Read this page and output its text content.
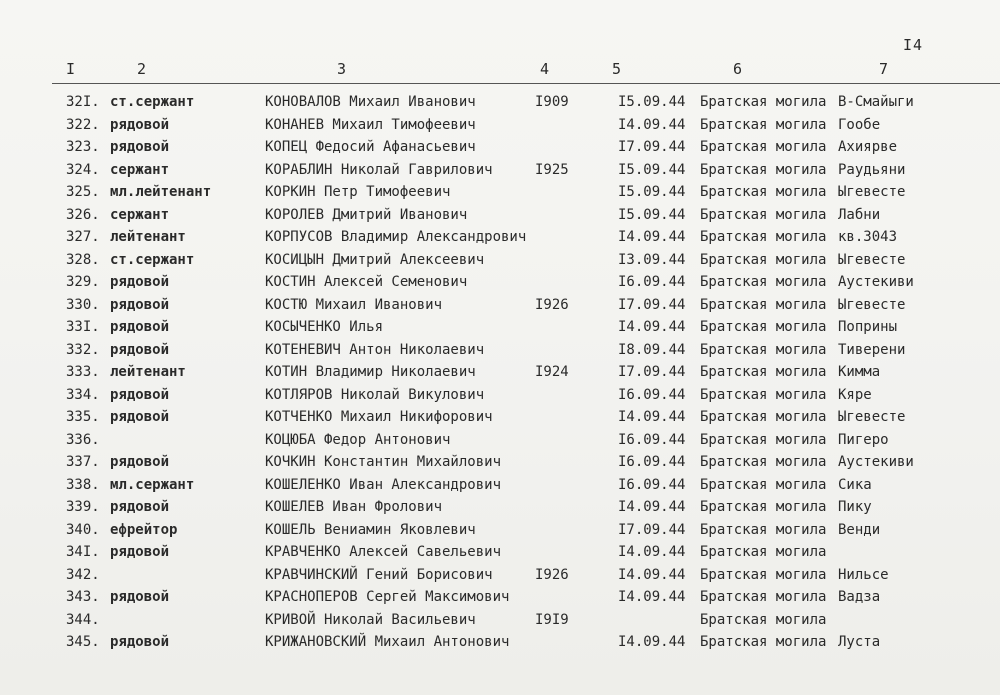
I4
I	2	3	4	5	6	7
32I. ст.сержант	КОНОВАЛОВ Михаил Иванович	I909	I5.09.44	Братская могила В-Смайыги
322. рядовой	КОНАНЕВ Михаил Тимофеевич	I4.09.44	Братская могила Гообе
323. рядовой	КОПЕЦ Федосий Афанасьевич	I7.09.44	Братская могила Ахиярве
324. сержант	КОРАБЛИН Николай Гаврилович	I925	I5.09.44	Братская могила Раудьяни
325. мл.лейтенант	КОРКИН Петр Тимофеевич	I5.09.44	Братская могила Ыгевесте
326. сержант	КОРОЛЕВ Дмитрий Иванович	I5.09.44	Братская могила Лабни
327. лейтенант	КОРПУСОВ Владимир Александрович	I4.09.44	Братская могила кв.3043
328. ст.сержант	КОСИЦЫН Дмитрий Алексеевич	I3.09.44	Братская могила Ыгевесте
329. рядовой	КОСТИН Алексей Семенович	I6.09.44	Братская могила Аустекиви
330. рядовой	КОСТЮ Михаил Иванович	I926	I7.09.44	Братская могила Ыгевесте
33I. рядовой	КОСЫЧЕНКО Илья	I4.09.44	Братская могила Поприны
332. рядовой	КОТЕНЕВИЧ Антон Николаевич	I8.09.44	Братская могила Тиверени
333. лейтенант	КОТИН Владимир Николаевич	I924	I7.09.44	Братская могила Кимма
334. рядовой	КОТЛЯРОВ Николай Викулович	I6.09.44	Братская могила Кяре
335. рядовой	КОТЧЕНКО Михаил Никифорович	I4.09.44	Братская могила Ыгевесте
336.	КОЦЮБА Федор Антонович	I6.09.44	Братская могила Пигеро
337. рядовой	КОЧКИН Константин Михайлович	I6.09.44	Братская могила Аустекиви
338. мл.сержант	КОШЕЛЕНКО Иван Александрович	I6.09.44	Братская могила Сика
339. рядовой	КОШЕЛЕВ Иван Фролович	I4.09.44	Братская могила Пику
340. ефрейтор	КОШЕЛЬ Вениамин Яковлевич	I7.09.44	Братская могила Венди
34I. рядовой	КРАВЧЕНКО Алексей Савельевич	I4.09.44	Братская могила
342.	КРАВЧИНСКИЙ Гений Борисович	I926	I4.09.44	Братская могила Нильсе
343. рядовой	КРАСНОПЕРОВ Сергей Максимович	I4.09.44	Братская могила Вадза
344.	КРИВОЙ Николай Васильевич	I9I9	Братская могила
345. рядовой	КРИЖАНОВСКИЙ Михаил Антонович	I4.09.44	Братская могила Луста
